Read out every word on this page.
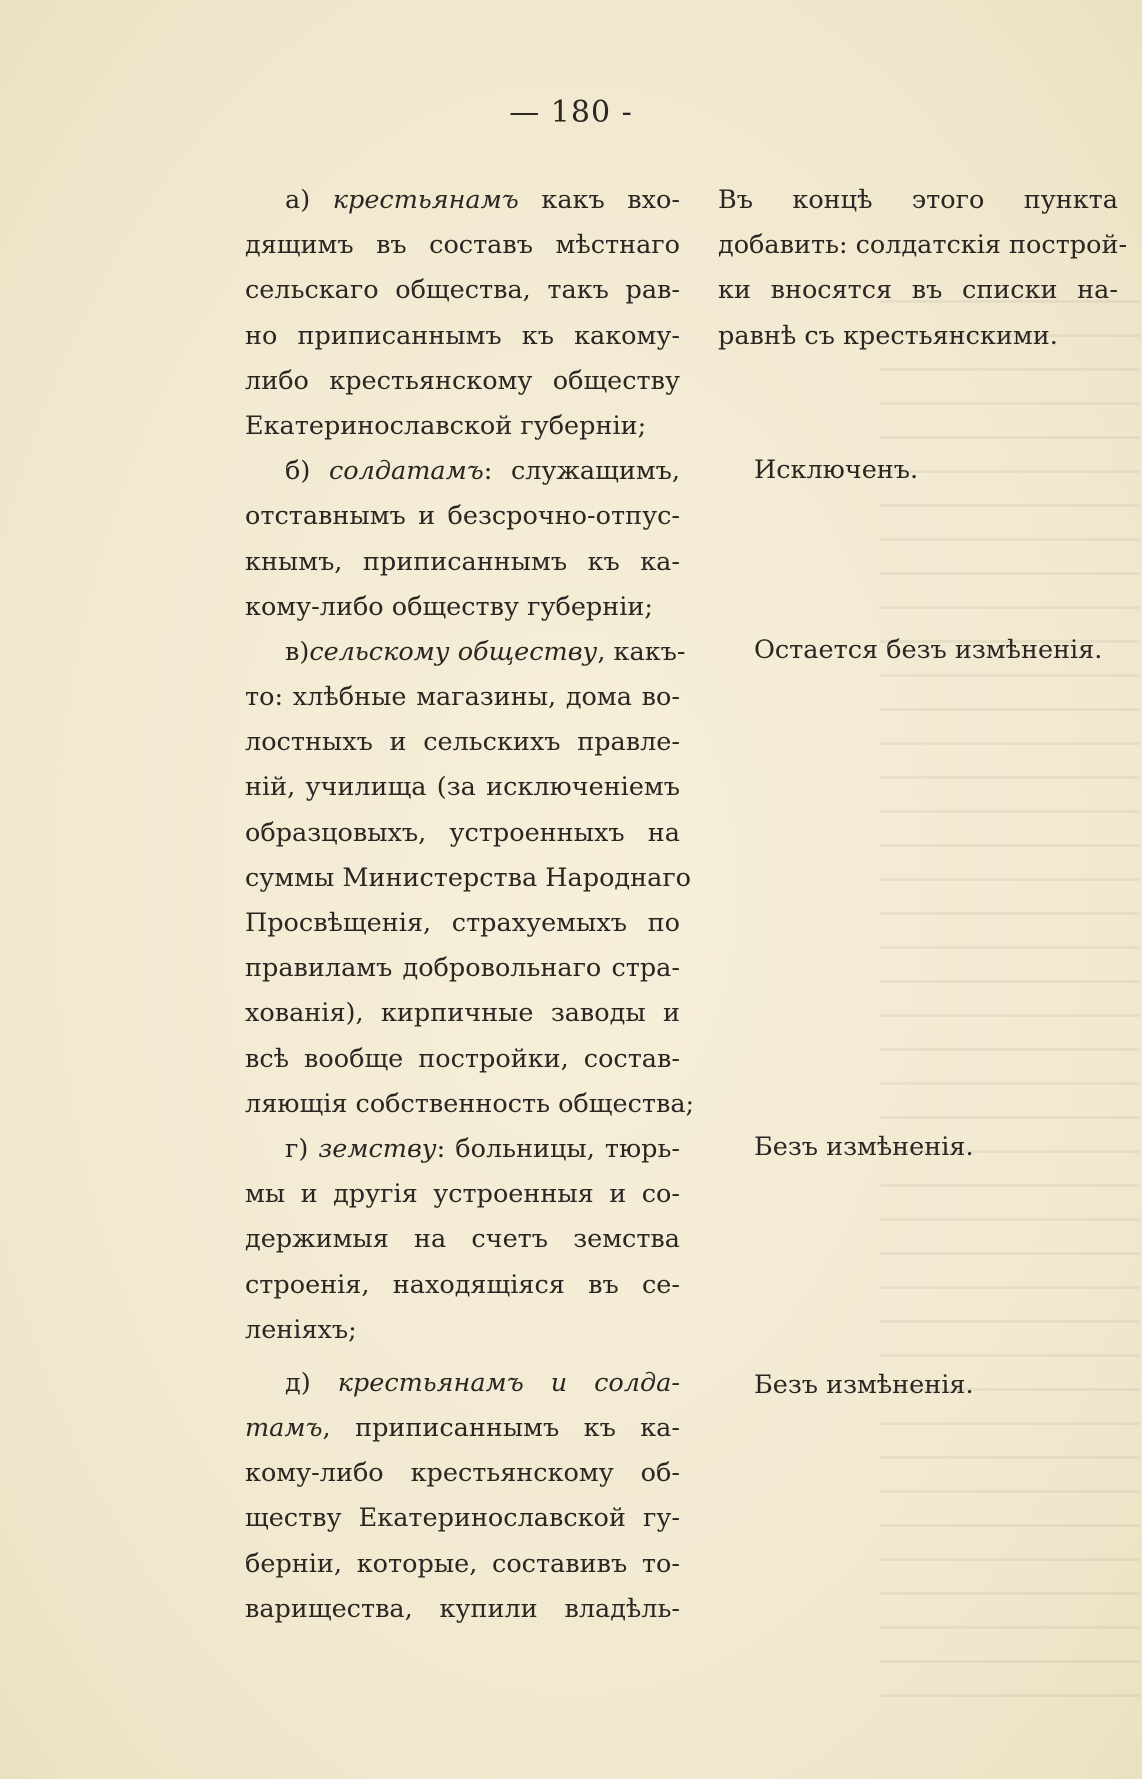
— 180 -
а) крестьянамъ какъ вхо-
дящимъ въ составъ мѣстнаго
сельскаго общества, такъ рав-
но приписаннымъ къ какому-
либо крестьянскому обществу
Екатеринославской губерніи;
б) солдатамъ: служащимъ,
отставнымъ и безсрочно-отпус-
кнымъ, приписаннымъ къ ка-
кому-либо обществу губерніи;
в)сельскому обществу, какъ-
то: хлѣбные магазины, дома во-
лостныхъ и сельскихъ правле-
ній, училища (за исключеніемъ
образцовыхъ, устроенныхъ на
суммы Министерства Народнаго
Просвѣщенія, страхуемыхъ по
правиламъ добровольнаго стра-
хованія), кирпичные заводы и
всѣ вообще постройки, состав-
ляющія собственность общества;
г) земству: больницы, тюрь-
мы и другія устроенныя и со-
держимыя на счетъ земства
строенія, находящіяся въ се-
леніяхъ;
д) крестьянамъ и солда-
тамъ, приписаннымъ къ ка-
кому-либо крестьянскому об-
ществу Екатеринославской гу-
берніи, которые, составивъ то-
варищества, купили владѣль-
Въ концѣ этого пункта
добавить: солдатскія построй-
ки вносятся въ списки на-
равнѣ съ крестьянскими.
Исключенъ.
Остается безъ измѣненія.
Безъ измѣненія.
Безъ измѣненія.
